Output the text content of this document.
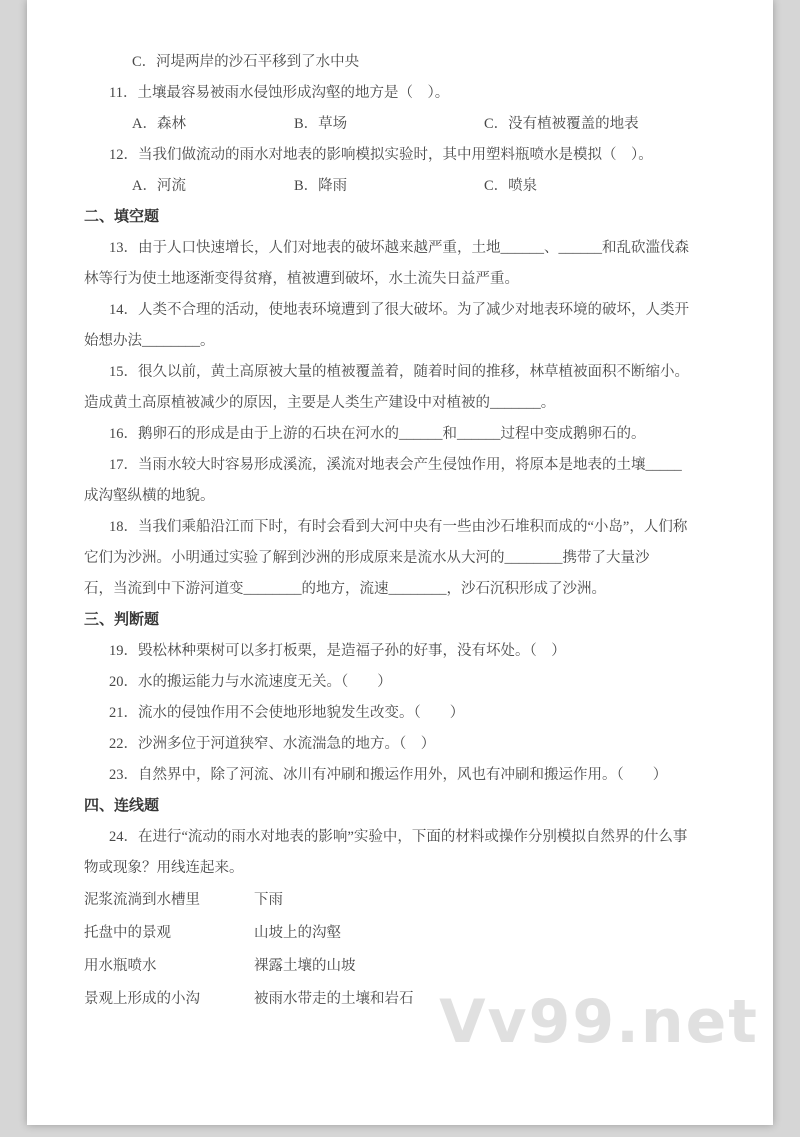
Vv99.net
C．河堤两岸的沙石平移到了水中央
11．土壤最容易被雨水侵蚀形成沟壑的地方是（　）。
A．森林	B．草场	C．没有植被覆盖的地表
12．当我们做流动的雨水对地表的影响模拟实验时，其中用塑料瓶喷水是模拟（　）。
A．河流	B．降雨	C．喷泉
二、填空题
13．由于人口快速增长，人们对地表的破坏越来越严重，土地______、______和乱砍滥伐森
林等行为使土地逐渐变得贫瘠，植被遭到破坏，水土流失日益严重。
14．人类不合理的活动，使地表环境遭到了很大破坏。为了减少对地表环境的破坏，人类开
始想办法________。
15．很久以前，黄土高原被大量的植被覆盖着，随着时间的推移，林草植被面积不断缩小。
造成黄土高原植被减少的原因，主要是人类生产建设中对植被的_______。
16．鹅卵石的形成是由于上游的石块在河水的______和______过程中变成鹅卵石的。
17．当雨水较大时容易形成溪流，溪流对地表会产生侵蚀作用，将原本是地表的土壤_____
成沟壑纵横的地貌。
18．当我们乘船沿江而下时，有时会看到大河中央有一些由沙石堆积而成的“小岛”，人们称
它们为沙洲。小明通过实验了解到沙洲的形成原来是流水从大河的________携带了大量沙
石，当流到中下游河道变________的地方，流速________，沙石沉积形成了沙洲。
三、判断题
19．毁松林种栗树可以多打板栗，是造福子孙的好事，没有坏处。（　）
20．水的搬运能力与水流速度无关。（　　）
21．流水的侵蚀作用不会使地形地貌发生改变。（　　）
22．沙洲多位于河道狭窄、水流湍急的地方。（　）
23．自然界中，除了河流、冰川有冲刷和搬运作用外，风也有冲刷和搬运作用。（　　）
四、连线题
24．在进行“流动的雨水对地表的影响”实验中，下面的材料或操作分别模拟自然界的什么事
物或现象？用线连起来。
泥浆流淌到水槽里	下雨
托盘中的景观	山坡上的沟壑
用水瓶喷水	裸露土壤的山坡
景观上形成的小沟	被雨水带走的土壤和岩石
